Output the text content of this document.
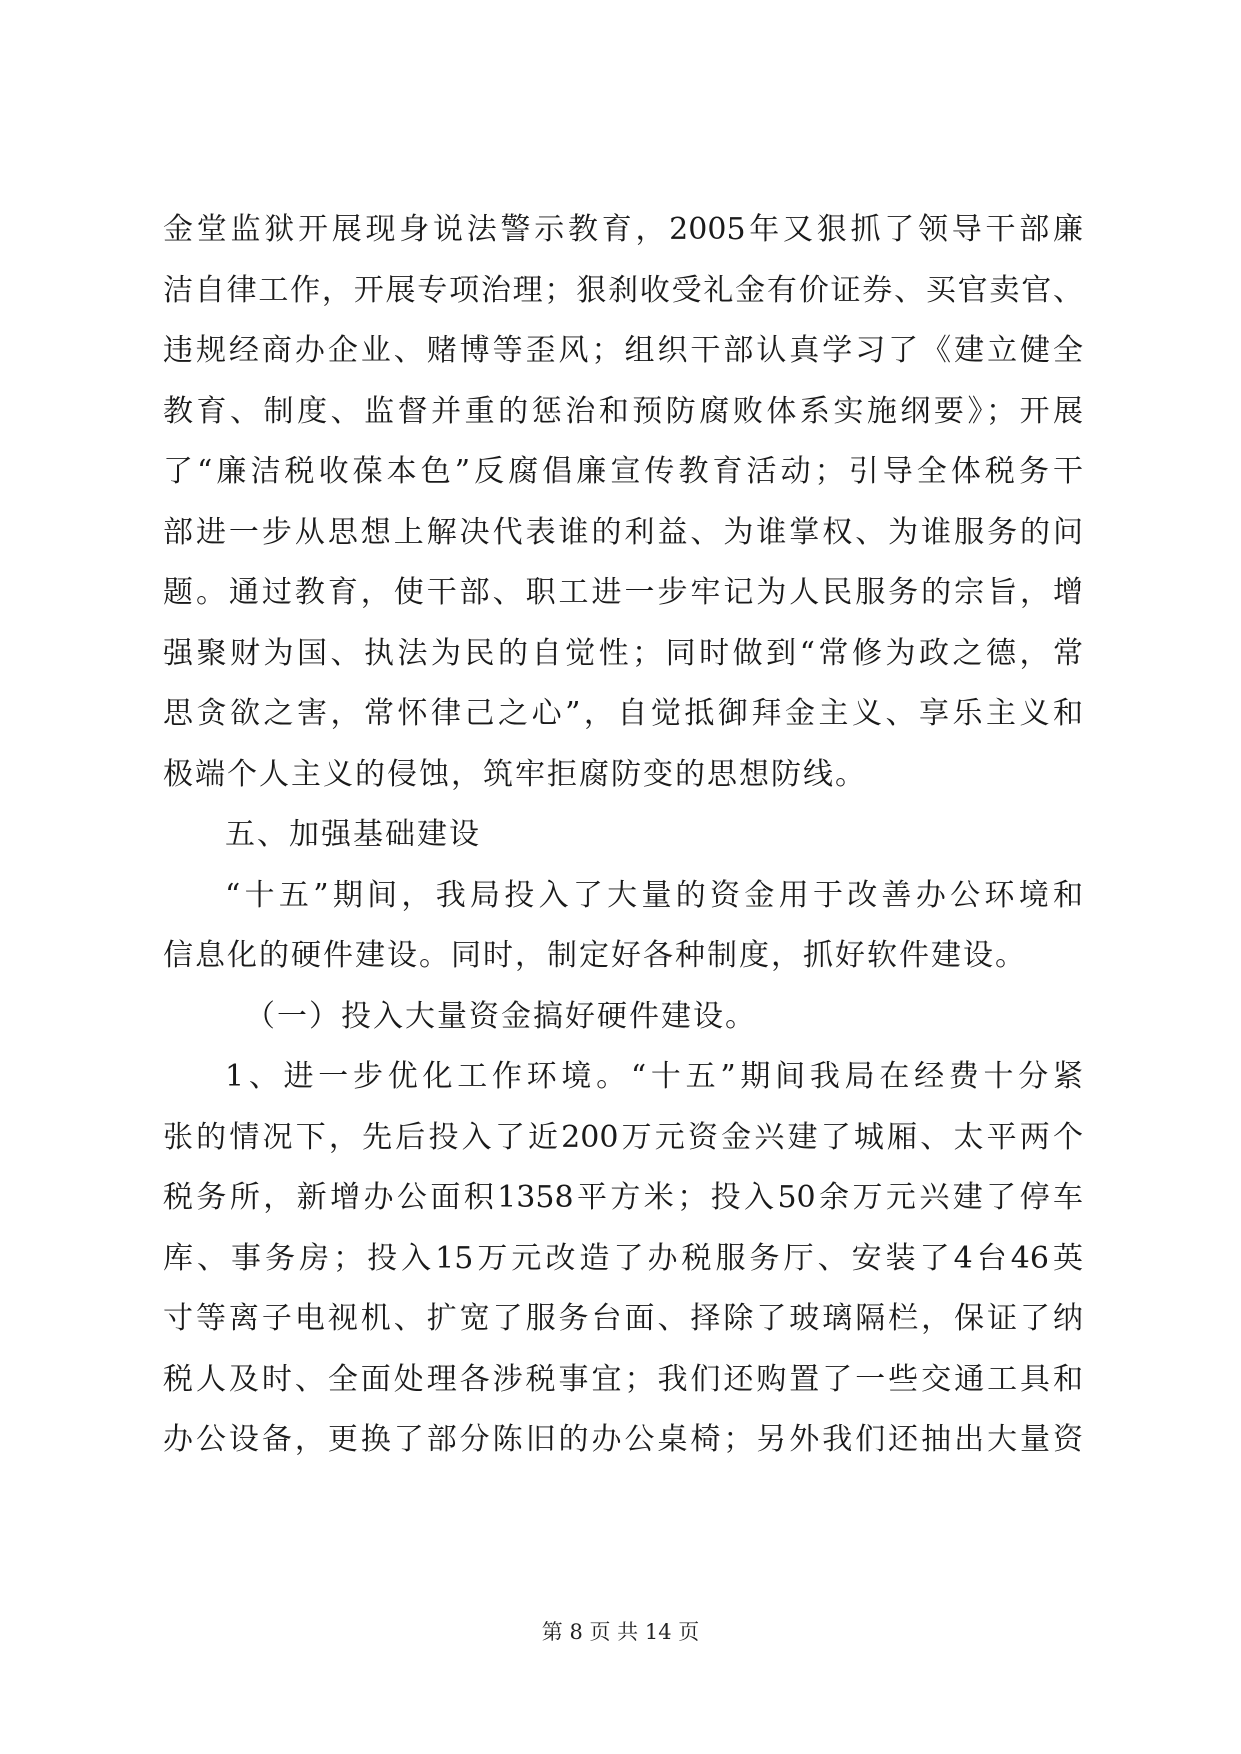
金堂监狱开展现身说法警示教育，2005年又狠抓了领导干部廉
洁自律工作，开展专项治理；狠刹收受礼金有价证券、买官卖官、
违规经商办企业、赌博等歪风；组织干部认真学习了《建立健全
教育、制度、监督并重的惩治和预防腐败体系实施纲要》；开展
了“廉洁税收葆本色”反腐倡廉宣传教育活动；引导全体税务干
部进一步从思想上解决代表谁的利益、为谁掌权、为谁服务的问
题。通过教育，使干部、职工进一步牢记为人民服务的宗旨，增
强聚财为国、执法为民的自觉性；同时做到“常修为政之德，常
思贪欲之害，常怀律己之心”，自觉抵御拜金主义、享乐主义和
极端个人主义的侵蚀，筑牢拒腐防变的思想防线。
五、加强基础建设
“十五”期间，我局投入了大量的资金用于改善办公环境和
信息化的硬件建设。同时，制定好各种制度，抓好软件建设。
（一）投入大量资金搞好硬件建设。
1、进一步优化工作环境。“十五”期间我局在经费十分紧
张的情况下，先后投入了近200万元资金兴建了城厢、太平两个
税务所，新增办公面积1358平方米；投入50余万元兴建了停车
库、事务房；投入15万元改造了办税服务厅、安装了4台46英
寸等离子电视机、扩宽了服务台面、择除了玻璃隔栏，保证了纳
税人及时、全面处理各涉税事宜；我们还购置了一些交通工具和
办公设备，更换了部分陈旧的办公桌椅；另外我们还抽出大量资
第 8 页 共 14 页
